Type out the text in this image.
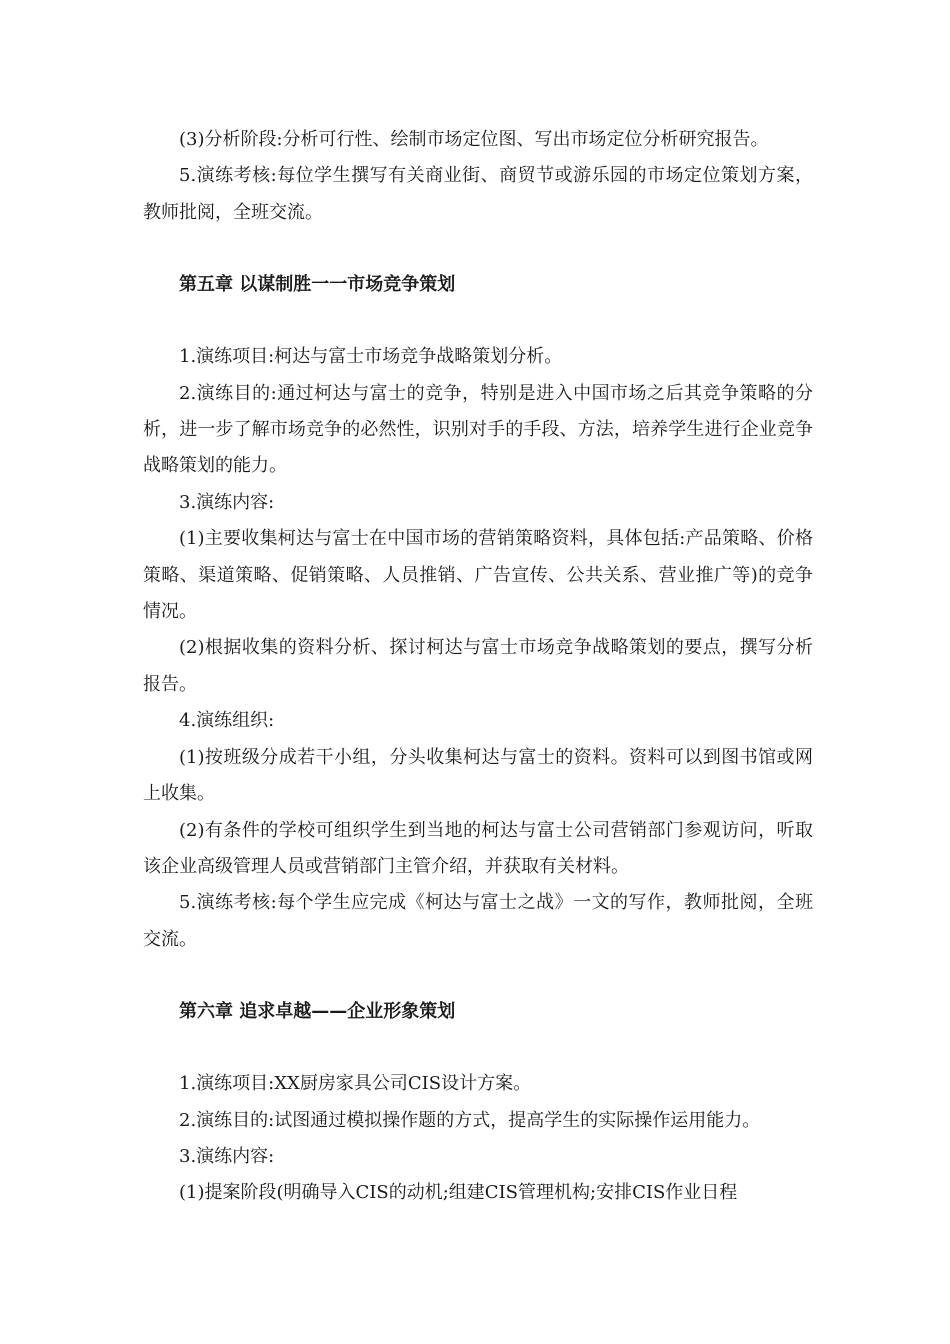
(3)分析阶段:分析可行性、绘制市场定位图、写出市场定位分析研究报告。

5.演练考核:每位学生撰写有关商业街、商贸节或游乐园的市场定位策划方案，教师批阅，全班交流。

第五章 以谋制胜一一市场竞争策划

1.演练项目:柯达与富士市场竞争战略策划分析。

2.演练目的:通过柯达与富士的竞争，特别是进入中国市场之后其竞争策略的分析，进一步了解市场竞争的必然性，识别对手的手段、方法，培养学生进行企业竞争战略策划的能力。

3.演练内容:

(1)主要收集柯达与富士在中国市场的营销策略资料，具体包括:产品策略、价格策略、渠道策略、促销策略、人员推销、广告宣传、公共关系、营业推广等)的竞争情况。

(2)根据收集的资料分析、探讨柯达与富士市场竞争战略策划的要点，撰写分析报告。

4.演练组织:

(1)按班级分成若干小组，分头收集柯达与富士的资料。资料可以到图书馆或网上收集。

(2)有条件的学校可组织学生到当地的柯达与富士公司营销部门参观访问，听取该企业高级管理人员或营销部门主管介绍，并获取有关材料。

5.演练考核:每个学生应完成《柯达与富士之战》一文的写作，教师批阅，全班交流。

第六章 追求卓越——企业形象策划

1.演练项目:XX厨房家具公司CIS设计方案。

2.演练目的:试图通过模拟操作题的方式，提高学生的实际操作运用能力。

3.演练内容:

(1)提案阶段(明确导入CIS的动机;组建CIS管理机构;安排CIS作业日程
